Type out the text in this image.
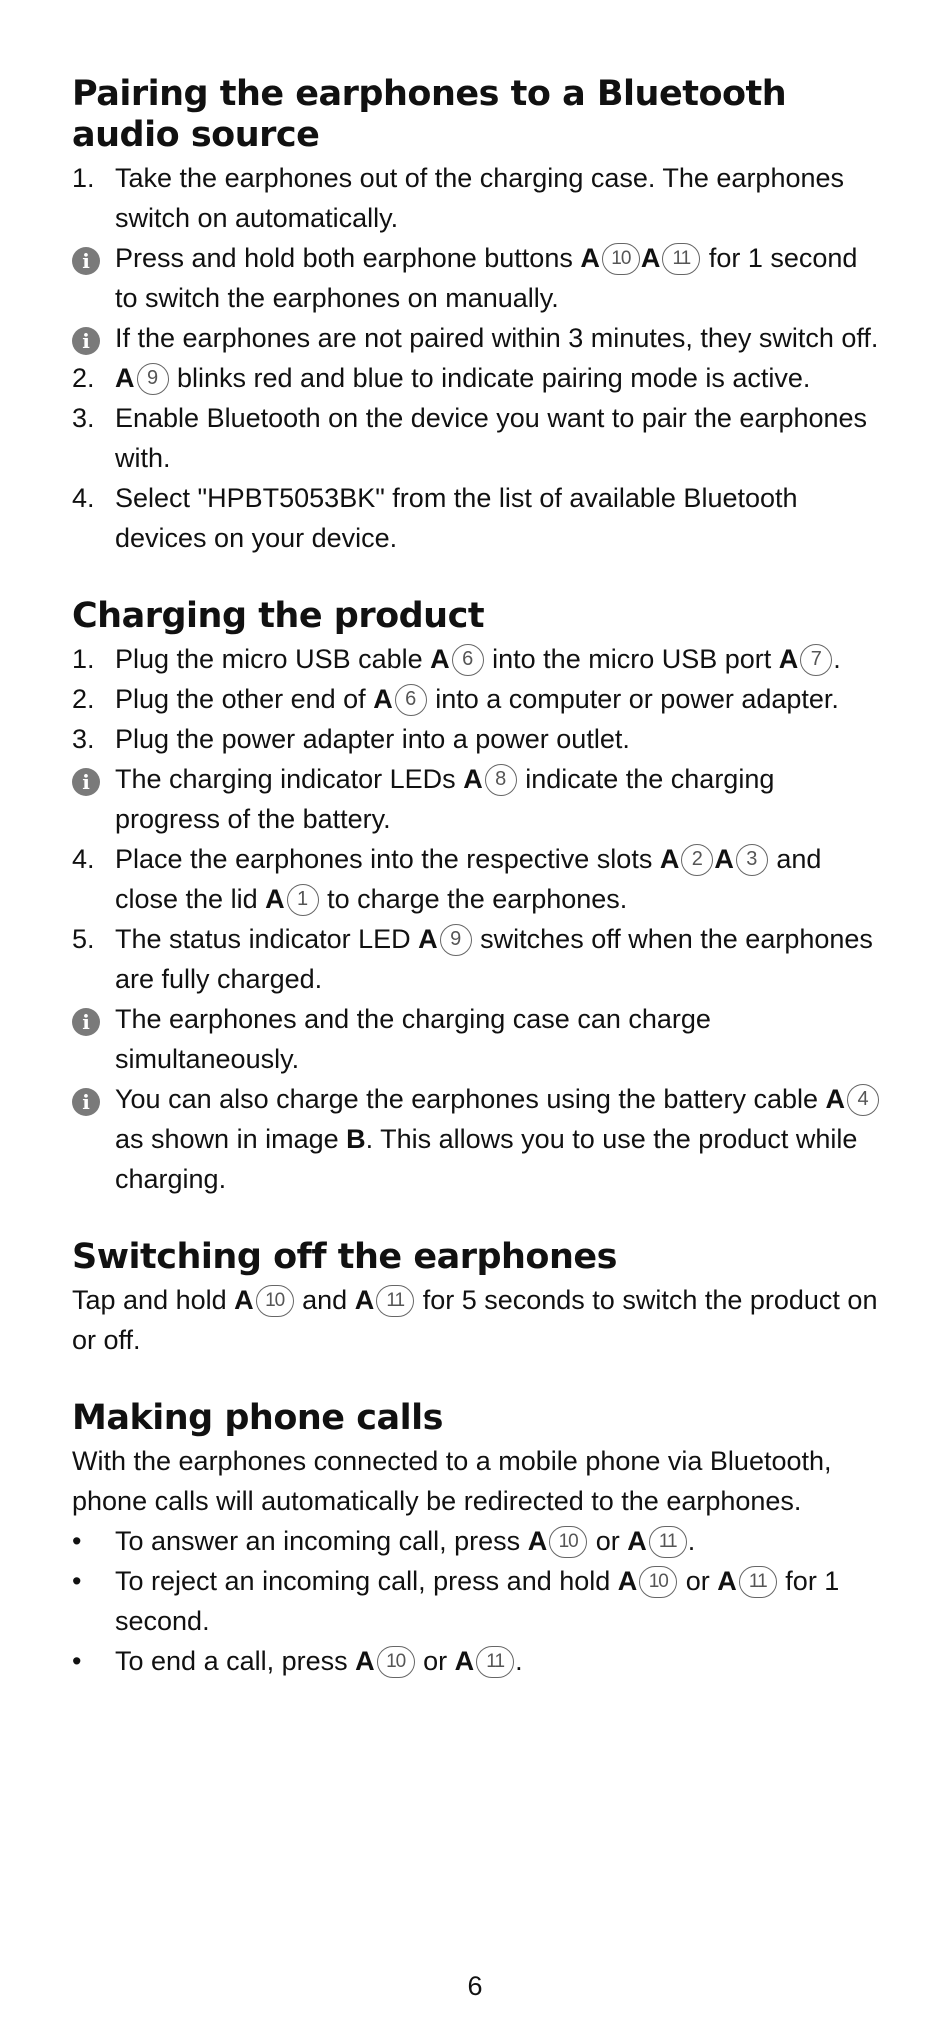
Pairing the earphones to a Bluetooth audio source
1. Take the earphones out of the charging case. The earphones switch on automatically.
i Press and hold both earphone buttons A 10 A 11 for 1 second to switch the earphones on manually.
i If the earphones are not paired within 3 minutes, they switch off.
2. A 9 blinks red and blue to indicate pairing mode is active.
3. Enable Bluetooth on the device you want to pair the earphones with.
4. Select "HPBT5053BK" from the list of available Bluetooth devices on your device.
Charging the product
1. Plug the micro USB cable A 6 into the micro USB port A 7 .
2. Plug the other end of A 6 into a computer or power adapter.
3. Plug the power adapter into a power outlet.
i The charging indicator LEDs A 8 indicate the charging progress of the battery.
4. Place the earphones into the respective slots A 2 A 3 and close the lid A 1 to charge the earphones.
5. The status indicator LED A 9 switches off when the earphones are fully charged.
i The earphones and the charging case can charge simultaneously.
i You can also charge the earphones using the battery cable A 4 as shown in image B. This allows you to use the product while charging.
Switching off the earphones

Tap and hold A 10 and A 11 for 5 seconds to switch the product on or off.

Making phone calls

With the earphones connected to a mobile phone via Bluetooth, phone calls will automatically be redirected to the earphones.

•	To answer an incoming call, press A 10 or A 11 .
•	To reject an incoming call, press and hold A 10 or A 11 for 1 second.
•	To end a call, press A 10 or A 11 .
6
